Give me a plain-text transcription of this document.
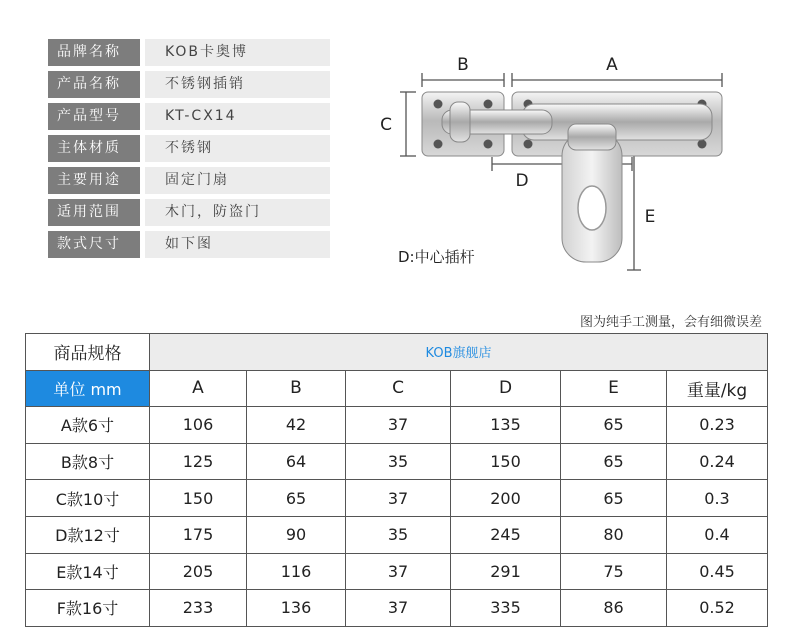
品牌名称	KOB卡奥博
产品名称	不锈钢插销
产品型号	KT-CX14
主体材质	不锈钢
主要用途	固定门扇
适用范围	木门，防盗门
款式尺寸	如下图
B	A
C
D
E
D:中心插杆
图为纯手工测量，会有细微误差
商品规格	KOB旗舰店					
单位 mm	A	B	C	D	E	重量/kg
A款6寸	106	42	37	135	65	0.23
B款8寸	125	64	35	150	65	0.24
C款10寸	150	65	37	200	65	0.3
D款12寸	175	90	35	245	80	0.4
E款14寸	205	116	37	291	75	0.45
F款16寸	233	136	37	335	86	0.52
